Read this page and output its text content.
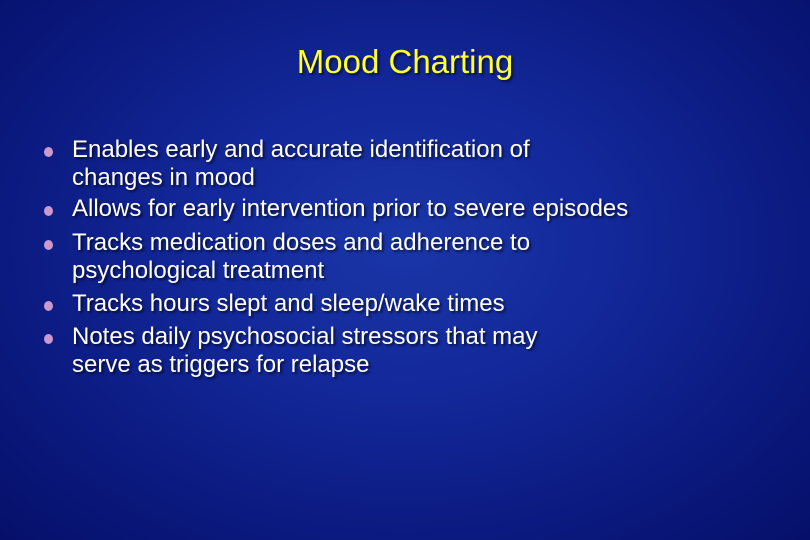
Mood Charting
Enables early and accurate identification of
changes in mood
Allows for early intervention prior to severe episodes
Tracks medication doses and adherence to
psychological treatment
Tracks hours slept and sleep/wake times
Notes daily psychosocial stressors that may
serve as triggers for relapse
